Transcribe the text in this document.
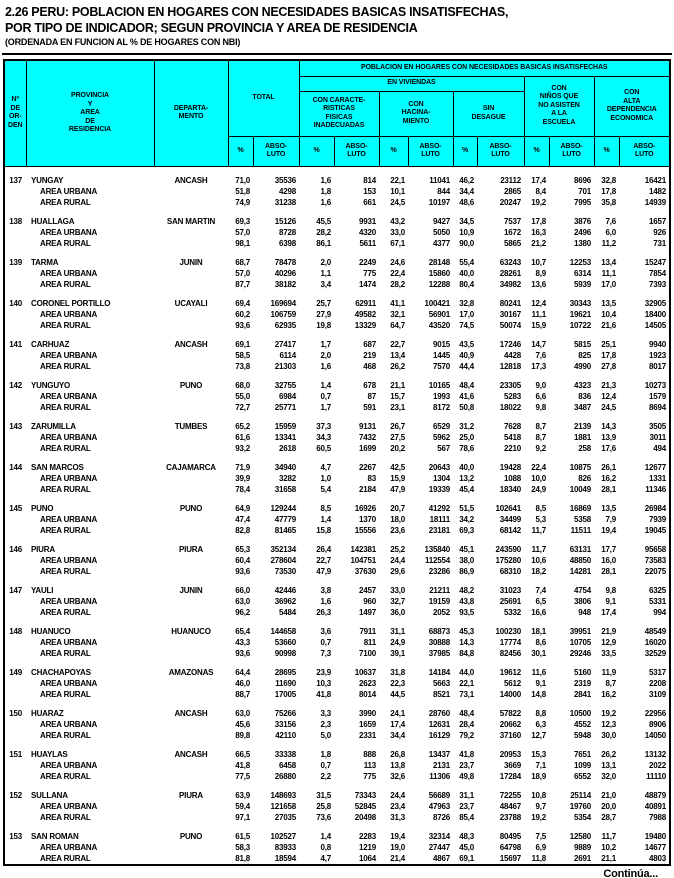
2.26 PERU: POBLACION EN HOGARES CON NECESIDADES BASICAS INSATISFECHAS,
POR TIPO DE INDICADOR; SEGUN PROVINCIA Y AREA DE RESIDENCIA
(ORDENADA EN FUNCION AL % DE HOGARES CON NBI)
Nº
DE
OR-
DEN

PROVINCIA
Y
AREA
DE
RESIDENCIA

DEPARTA-
MENTO
	TOTAL	POBLACION EN HOGARES CON NECESIDADES BASICAS INSATISFECHAS
EN VIVIENDAS	
CON
NIÑOS QUE
NO ASISTEN
A LA
ESCUELA

CON
ALTA
DEPENDENCIA
ECONOMICA

CON CARACTE-
RISTICAS
FISICAS
INADECUADAS

CON
HACINA-
MIENTO

SIN
DESAGUE

%	
ABSO-
LUTO
	%	
ABSO-
LUTO
	%	
ABSO-
LUTO
	%	
ABSO-
LUTO
	%	
ABSO-
LUTO
	%	
ABSO-
LUTO

137	YUNGAY	ANCASH	71,0	35536	1,6	814	22,1	11041	46,2	23112	17,4	8696	32,8	16421
	AREA URBANA		51,8	4298	1,8	153	10,1	844	34,4	2865	8,4	701	17,8	1482
	AREA RURAL		74,9	31238	1,6	661	24,5	10197	48,6	20247	19,2	7995	35,8	14939

138	HUALLAGA	SAN MARTIN	69,3	15126	45,5	9931	43,2	9427	34,5	7537	17,8	3876	7,6	1657
	AREA URBANA		57,0	8728	28,2	4320	33,0	5050	10,9	1672	16,3	2496	6,0	926
	AREA RURAL		98,1	6398	86,1	5611	67,1	4377	90,0	5865	21,2	1380	11,2	731

139	TARMA	JUNIN	68,7	78478	2,0	2249	24,6	28148	55,4	63243	10,7	12253	13,4	15247
	AREA URBANA		57,0	40296	1,1	775	22,4	15860	40,0	28261	8,9	6314	11,1	7854
	AREA RURAL		87,7	38182	3,4	1474	28,2	12288	80,4	34982	13,6	5939	17,0	7393

140	CORONEL PORTILLO	UCAYALI	69,4	169694	25,7	62911	41,1	100421	32,8	80241	12,4	30343	13,5	32905
	AREA URBANA		60,2	106759	27,9	49582	32,1	56901	17,0	30167	11,1	19621	10,4	18400
	AREA RURAL		93,6	62935	19,8	13329	64,7	43520	74,5	50074	15,9	10722	21,6	14505

141	CARHUAZ	ANCASH	69,1	27417	1,7	687	22,7	9015	43,5	17246	14,7	5815	25,1	9940
	AREA URBANA		58,5	6114	2,0	219	13,4	1445	40,9	4428	7,6	825	17,8	1923
	AREA RURAL		73,8	21303	1,6	468	26,2	7570	44,4	12818	17,3	4990	27,8	8017

142	YUNGUYO	PUNO	68,0	32755	1,4	678	21,1	10165	48,4	23305	9,0	4323	21,3	10273
	AREA URBANA		55,0	6984	0,7	87	15,7	1993	41,6	5283	6,6	836	12,4	1579
	AREA RURAL		72,7	25771	1,7	591	23,1	8172	50,8	18022	9,8	3487	24,5	8694

143	ZARUMILLA	TUMBES	65,2	15959	37,3	9131	26,7	6529	31,2	7628	8,7	2139	14,3	3505
	AREA URBANA		61,6	13341	34,3	7432	27,5	5962	25,0	5418	8,7	1881	13,9	3011
	AREA RURAL		93,2	2618	60,5	1699	20,2	567	78,6	2210	9,2	258	17,6	494

144	SAN MARCOS	CAJAMARCA	71,9	34940	4,7	2267	42,5	20643	40,0	19428	22,4	10875	26,1	12677
	AREA URBANA		39,9	3282	1,0	83	15,9	1304	13,2	1088	10,0	826	16,2	1331
	AREA RURAL		78,4	31658	5,4	2184	47,9	19339	45,4	18340	24,9	10049	28,1	11346

145	PUNO	PUNO	64,9	129244	8,5	16926	20,7	41292	51,5	102641	8,5	16869	13,5	26984
	AREA URBANA		47,4	47779	1,4	1370	18,0	18111	34,2	34499	5,3	5358	7,9	7939
	AREA RURAL		82,8	81465	15,8	15556	23,6	23181	69,3	68142	11,7	11511	19,4	19045

146	PIURA	PIURA	65,3	352134	26,4	142381	25,2	135840	45,1	243590	11,7	63131	17,7	95658
	AREA URBANA		60,4	278604	22,7	104751	24,4	112554	38,0	175280	10,6	48850	16,0	73583
	AREA RURAL		93,6	73530	47,9	37630	29,6	23286	86,9	68310	18,2	14281	28,1	22075

147	YAULI	JUNIN	66,0	42446	3,8	2457	33,0	21211	48,2	31023	7,4	4754	9,8	6325
	AREA URBANA		63,0	36962	1,6	960	32,7	19159	43,8	25691	6,5	3806	9,1	5331
	AREA RURAL		96,2	5484	26,3	1497	36,0	2052	93,5	5332	16,6	948	17,4	994

148	HUANUCO	HUANUCO	65,4	144658	3,6	7911	31,1	68873	45,3	100230	18,1	39951	21,9	48549
	AREA URBANA		43,3	53660	0,7	811	24,9	30888	14,3	17774	8,6	10705	12,9	16020
	AREA RURAL		93,6	90998	7,3	7100	39,1	37985	84,8	82456	30,1	29246	33,5	32529

149	CHACHAPOYAS	AMAZONAS	64,4	28695	23,9	10637	31,8	14184	44,0	19612	11,6	5160	11,9	5317
	AREA URBANA		46,0	11690	10,3	2623	22,3	5663	22,1	5612	9,1	2319	8,7	2208
	AREA RURAL		88,7	17005	41,8	8014	44,5	8521	73,1	14000	14,8	2841	16,2	3109

150	HUARAZ	ANCASH	63,0	75266	3,3	3990	24,1	28760	48,4	57822	8,8	10500	19,2	22956
	AREA URBANA		45,6	33156	2,3	1659	17,4	12631	28,4	20662	6,3	4552	12,3	8906
	AREA RURAL		89,8	42110	5,0	2331	34,4	16129	79,2	37160	12,7	5948	30,0	14050

151	HUAYLAS	ANCASH	66,5	33338	1,8	888	26,8	13437	41,8	20953	15,3	7651	26,2	13132
	AREA URBANA		41,8	6458	0,7	113	13,8	2131	23,7	3669	7,1	1099	13,1	2022
	AREA RURAL		77,5	26880	2,2	775	32,6	11306	49,8	17284	18,9	6552	32,0	11110

152	SULLANA	PIURA	63,9	148693	31,5	73343	24,4	56689	31,1	72255	10,8	25114	21,0	48879
	AREA URBANA		59,4	121658	25,8	52845	23,4	47963	23,7	48467	9,7	19760	20,0	40891
	AREA RURAL		97,1	27035	73,6	20498	31,3	8726	85,4	23788	19,2	5354	28,7	7988

153	SAN ROMAN	PUNO	61,5	102527	1,4	2283	19,4	32314	48,3	80495	7,5	12580	11,7	19480
	AREA URBANA		58,3	83933	0,8	1219	19,0	27447	45,0	64798	6,9	9889	10,2	14677
	AREA RURAL		81,8	18594	4,7	1064	21,4	4867	69,1	15697	11,8	2691	21,1	4803
Continúa...
